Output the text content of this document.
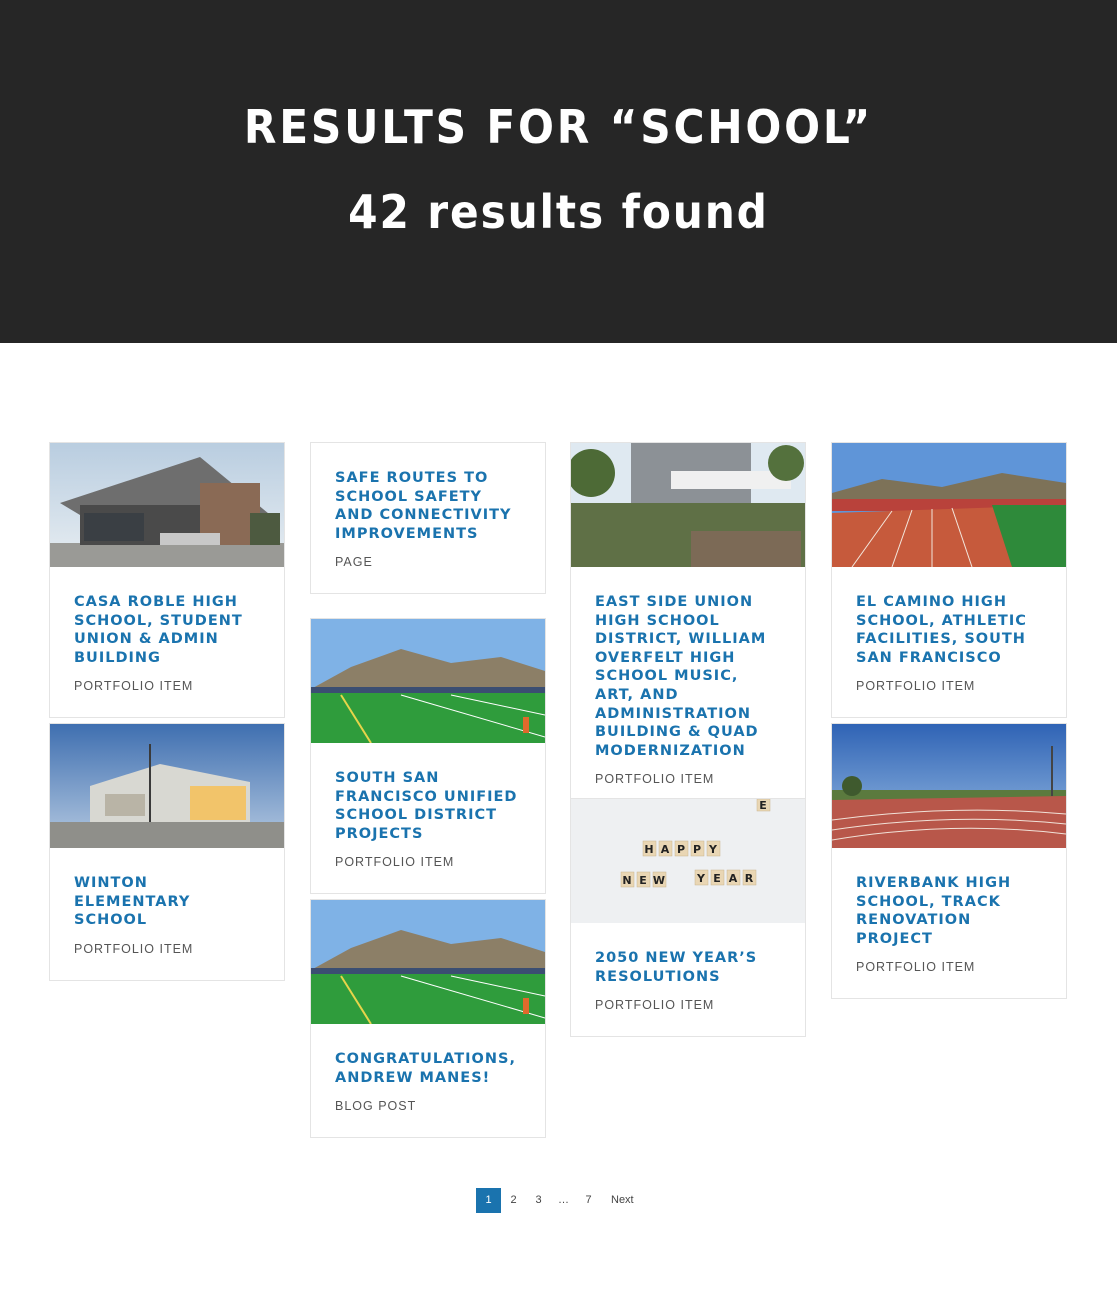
RESULTS FOR “SCHOOL”
42 results found
CASA ROBLE HIGH SCHOOL, STUDENT UNION & ADMIN BUILDING
PORTFOLIO ITEM
WINTON ELEMENTARY SCHOOL
PORTFOLIO ITEM
SAFE ROUTES TO SCHOOL SAFETY AND CONNECTIVITY IMPROVEMENTS
PAGE
SOUTH SAN FRANCISCO UNIFIED SCHOOL DISTRICT PROJECTS
PORTFOLIO ITEM
CONGRATULATIONS, ANDREW MANES!
BLOG POST
EAST SIDE UNION HIGH SCHOOL DISTRICT, WILLIAM OVERFELT HIGH SCHOOL MUSIC, ART, AND ADMINISTRATION BUILDING & QUAD MODERNIZATION
PORTFOLIO ITEM
H A P P Y
N E W	Y E A R
E
2050 NEW YEAR’S RESOLUTIONS
PORTFOLIO ITEM
EL CAMINO HIGH SCHOOL, ATHLETIC FACILITIES, SOUTH SAN FRANCISCO
PORTFOLIO ITEM
RIVERBANK HIGH SCHOOL, TRACK RENOVATION PROJECT
PORTFOLIO ITEM
1	2	3	…	7	Next
